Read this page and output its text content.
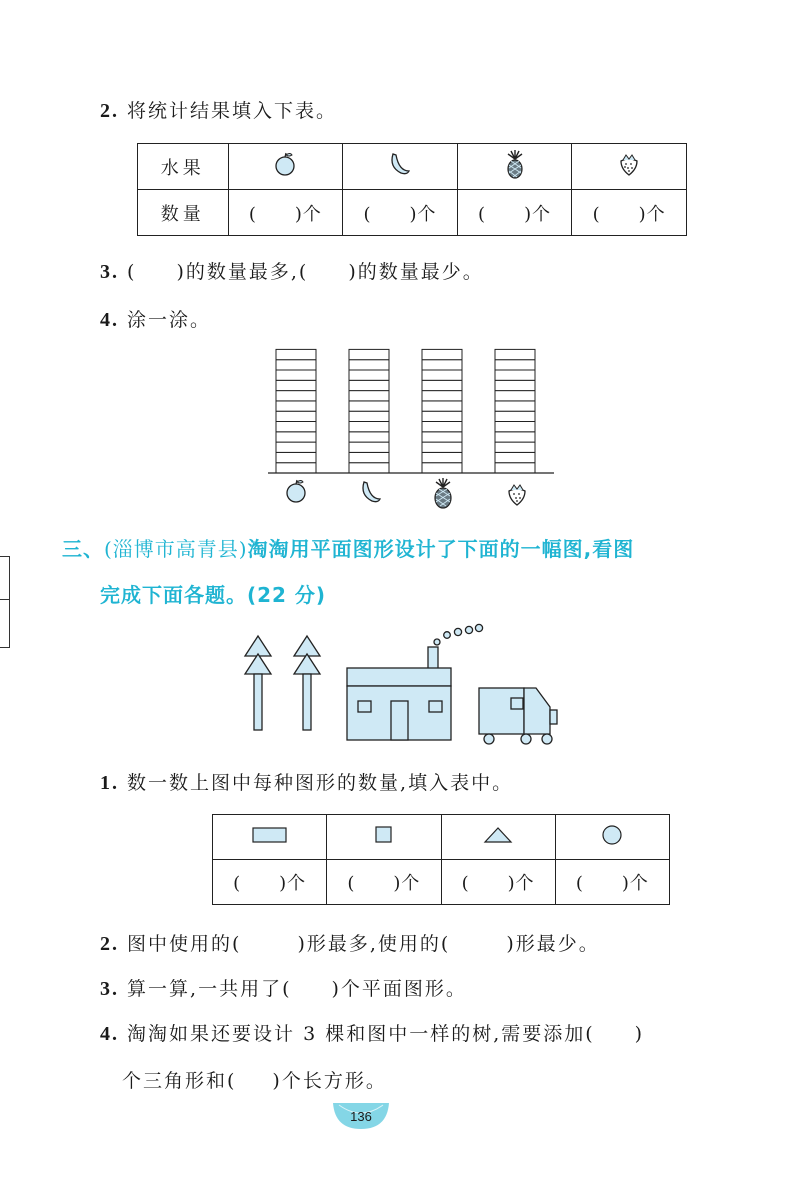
2. 将统计结果填入下表。
水果				
数量	(　　)个	(　　)个	(　　)个	(　　)个
3. ( )的数量最多,( )的数量最少。
4. 涂一涂。
三、(淄博市高青县)淘淘用平面图形设计了下面的一幅图,看图
完成下面各题。(22 分)
1. 数一数上图中每种图形的数量,填入表中。

(　　)个	(　　)个	(　　)个	(　　)个
2. 图中使用的(	)形最多,使用的(	)形最少。
3. 算一算,一共用了( )个平面图形。
4. 淘淘如果还要设计 3 棵和图中一样的树,需要添加( )
个三角形和( )个长方形。
136
